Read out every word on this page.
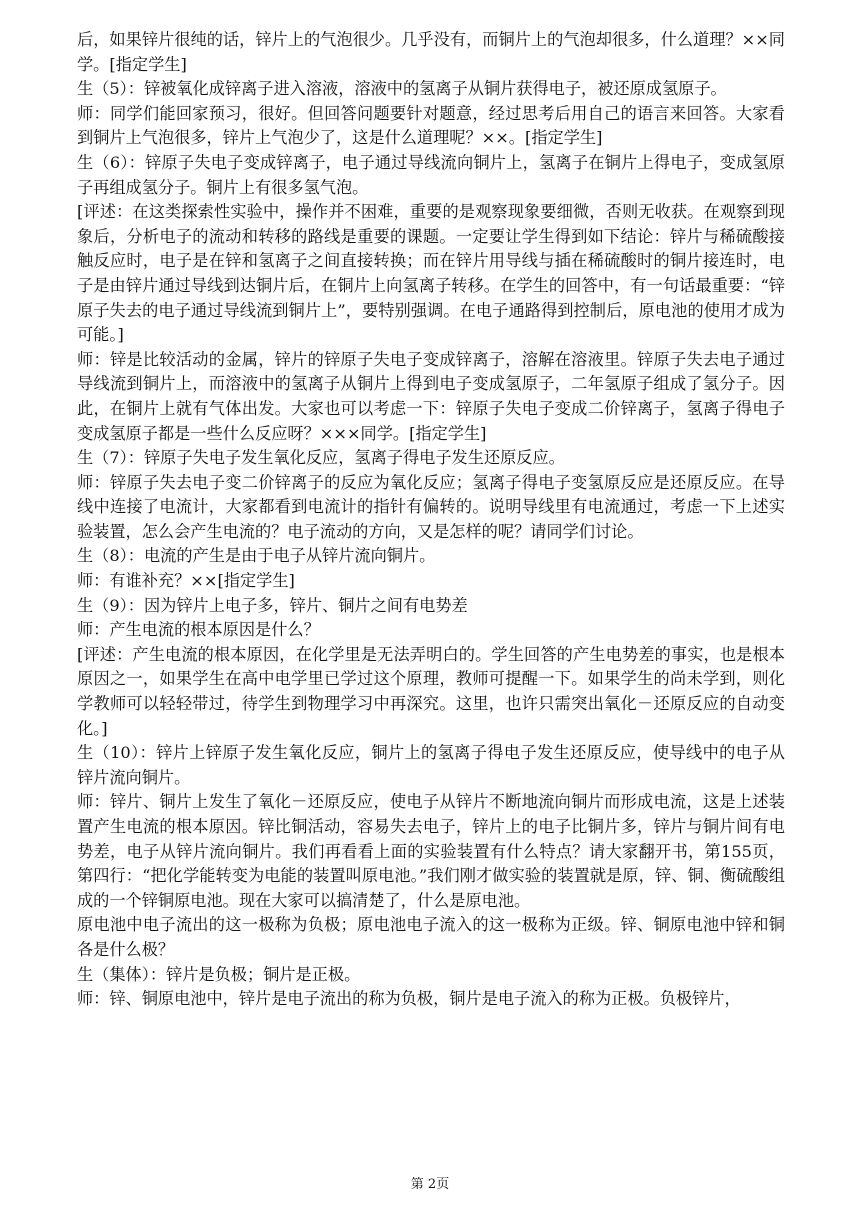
后，如果锌片很纯的话，锌片上的气泡很少。几乎没有，而铜片上的气泡却很多，什么道理？××同学。[指定学生]

生（5）：锌被氧化成锌离子进入溶液，溶液中的氢离子从铜片获得电子，被还原成氢原子。

师：同学们能回家预习，很好。但回答问题要针对题意，经过思考后用自己的语言来回答。大家看到铜片上气泡很多，锌片上气泡少了，这是什么道理呢？××。[指定学生]

生（6）：锌原子失电子变成锌离子，电子通过导线流向铜片上，氢离子在铜片上得电子，变成氢原子再组成氢分子。铜片上有很多氢气泡。

[评述：在这类探索性实验中，操作并不困难，重要的是观察现象要细微，否则无收获。在观察到现象后，分析电子的流动和转移的路线是重要的课题。一定要让学生得到如下结论：锌片与稀硫酸接触反应时，电子是在锌和氢离子之间直接转换；而在锌片用导线与插在稀硫酸时的铜片接连时，电子是由锌片通过导线到达铜片后，在铜片上向氢离子转移。在学生的回答中，有一句话最重要：“锌原子失去的电子通过导线流到铜片上”，要特别强调。在电子通路得到控制后，原电池的使用才成为可能。]

师：锌是比较活动的金属，锌片的锌原子失电子变成锌离子，溶解在溶液里。锌原子失去电子通过导线流到铜片上，而溶液中的氢离子从铜片上得到电子变成氢原子，二年氢原子组成了氢分子。因此，在铜片上就有气体出发。大家也可以考虑一下：锌原子失电子变成二价锌离子，氢离子得电子变成氢原子都是一些什么反应呀？×××同学。[指定学生]

生（7）：锌原子失电子发生氧化反应，氢离子得电子发生还原反应。

师：锌原子失去电子变二价锌离子的反应为氧化反应；氢离子得电子变氢原反应是还原反应。在导线中连接了电流计，大家都看到电流计的指针有偏转的。说明导线里有电流通过，考虑一下上述实验装置，怎么会产生电流的？电子流动的方向，又是怎样的呢？请同学们讨论。

生（8）：电流的产生是由于电子从锌片流向铜片。

师：有谁补充？××[指定学生]

生（9）：因为锌片上电子多，锌片、铜片之间有电势差

师：产生电流的根本原因是什么？

[评述：产生电流的根本原因，在化学里是无法弄明白的。学生回答的产生电势差的事实，也是根本原因之一，如果学生在高中电学里已学过这个原理，教师可提醒一下。如果学生的尚未学到，则化学教师可以轻轻带过，待学生到物理学习中再深究。这里，也许只需突出氧化－还原反应的自动变化。]

生（10）：锌片上锌原子发生氧化反应，铜片上的氢离子得电子发生还原反应，使导线中的电子从锌片流向铜片。

师：锌片、铜片上发生了氧化－还原反应，使电子从锌片不断地流向铜片而形成电流，这是上述装置产生电流的根本原因。锌比铜活动，容易失去电子，锌片上的电子比铜片多，锌片与铜片间有电势差，电子从锌片流向铜片。我们再看看上面的实验装置有什么特点？请大家翻开书，第155页，第四行：“把化学能转变为电能的装置叫原电池。”我们刚才做实验的装置就是原，锌、铜、衡硫酸组成的一个锌铜原电池。现在大家可以搞清楚了，什么是原电池。

原电池中电子流出的这一极称为负极；原电池电子流入的这一极称为正级。锌、铜原电池中锌和铜各是什么极？

生（集体）：锌片是负极；铜片是正极。

师：锌、铜原电池中，锌片是电子流出的称为负极，铜片是电子流入的称为正极。负极锌片，

第 2页
